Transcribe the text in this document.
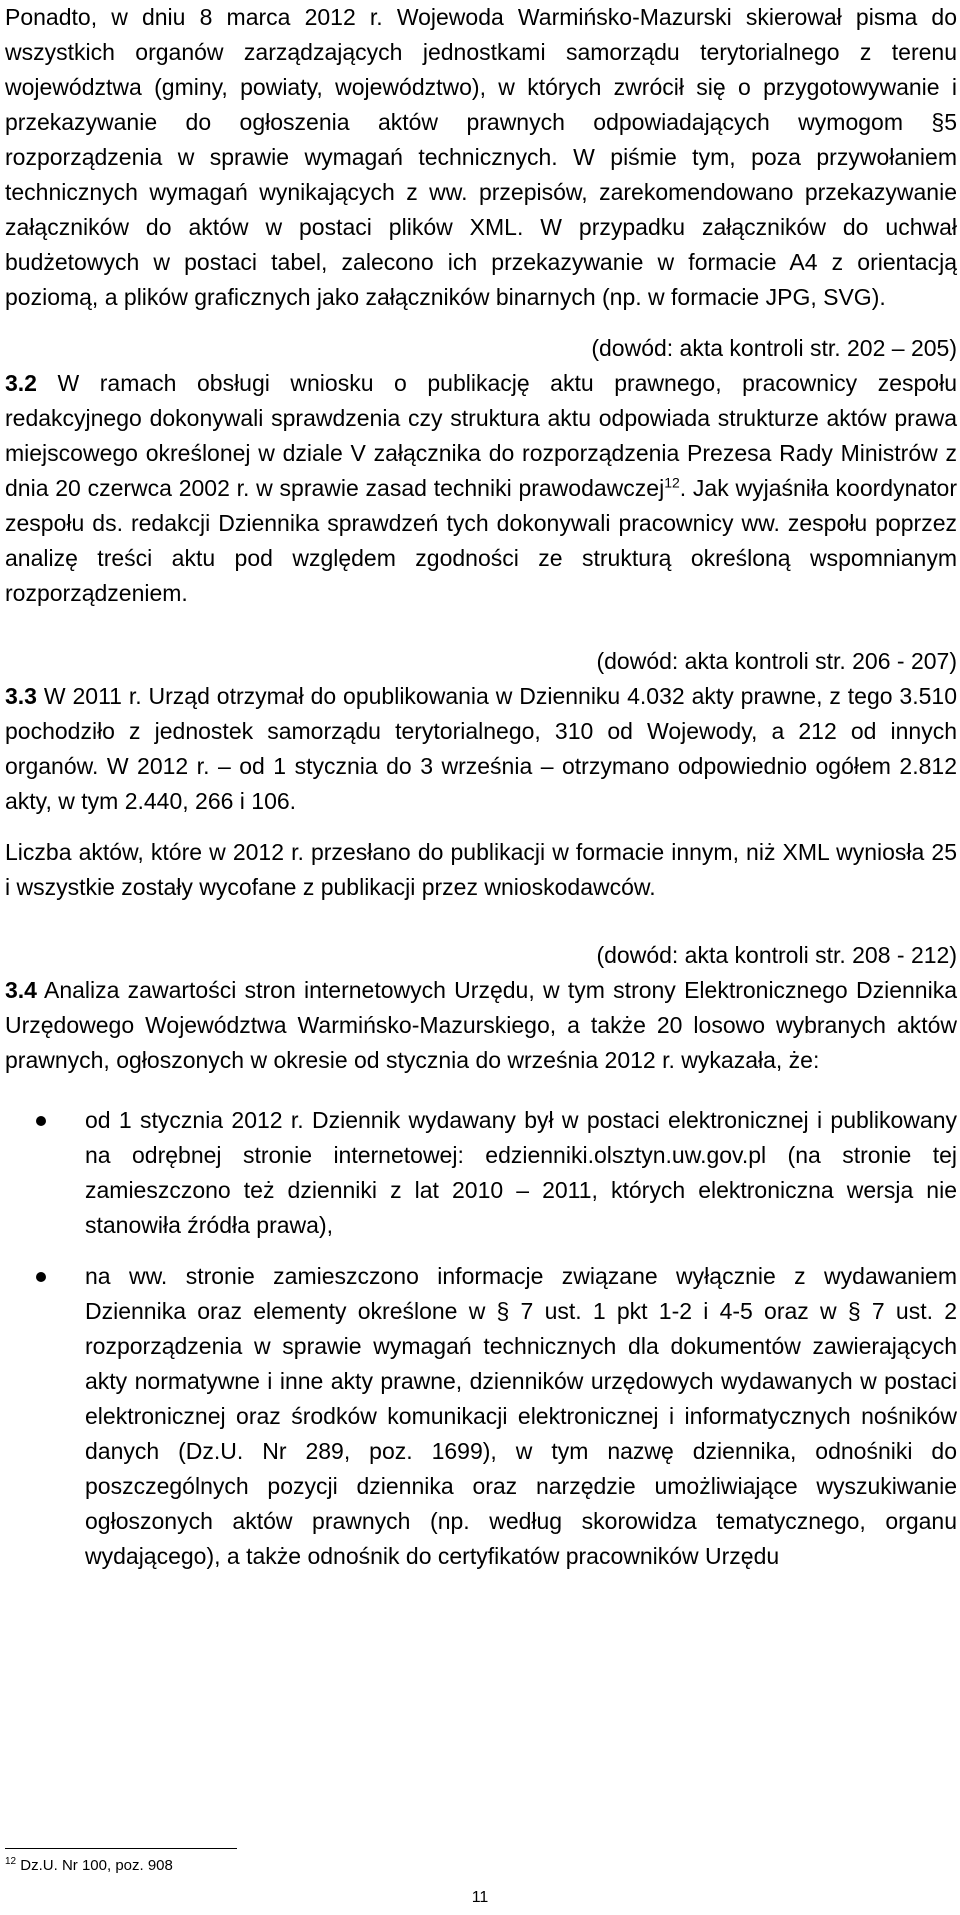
Ponadto, w dniu 8 marca 2012 r. Wojewoda Warmińsko-Mazurski skierował pisma do wszystkich organów zarządzających jednostkami samorządu terytorialnego z terenu województwa (gminy, powiaty, województwo), w których zwrócił się o przygotowywanie i przekazywanie do ogłoszenia aktów prawnych odpowiadających wymogom §5 rozporządzenia w sprawie wymagań technicznych. W piśmie tym, poza przywołaniem technicznych wymagań wynikających z ww. przepisów, zarekomendowano przekazywanie załączników do aktów w postaci plików XML. W przypadku załączników do uchwał budżetowych w postaci tabel, zalecono ich przekazywanie w formacie A4 z orientacją poziomą, a plików graficznych jako załączników binarnych (np. w formacie JPG, SVG).

(dowód: akta kontroli str. 202 – 205)

3.2 W ramach obsługi wniosku o publikację aktu prawnego, pracownicy zespołu redakcyjnego dokonywali sprawdzenia czy struktura aktu odpowiada strukturze aktów prawa miejscowego określonej w dziale V załącznika do rozporządzenia Prezesa Rady Ministrów z dnia 20 czerwca 2002 r. w sprawie zasad techniki prawodawczej$^{12}$. Jak wyjaśniła koordynator zespołu ds. redakcji Dziennika sprawdzeń tych dokonywali pracownicy ww. zespołu poprzez analizę treści aktu pod względem zgodności ze strukturą określoną wspomnianym rozporządzeniem.

(dowód: akta kontroli str. 206 - 207)

3.3 W 2011 r. Urząd otrzymał do opublikowania w Dzienniku 4.032 akty prawne, z tego 3.510 pochodziło z jednostek samorządu terytorialnego, 310 od Wojewody, a 212 od innych organów. W 2012 r. – od 1 stycznia do 3 września – otrzymano odpowiednio ogółem 2.812 akty, w tym 2.440, 266 i 106.

Liczba aktów, które w 2012 r. przesłano do publikacji w formacie innym, niż XML wyniosła 25 i wszystkie zostały wycofane z publikacji przez wnioskodawców.

(dowód: akta kontroli str. 208 - 212)

3.4 Analiza zawartości stron internetowych Urzędu, w tym strony Elektronicznego Dziennika Urzędowego Województwa Warmińsko-Mazurskiego, a także 20 losowo wybranych aktów prawnych, ogłoszonych w okresie od stycznia do września 2012 r. wykazała, że:

od 1 stycznia 2012 r. Dziennik wydawany był w postaci elektronicznej i publikowany na odrębnej stronie internetowej: edzienniki.olsztyn.uw.gov.pl (na stronie tej zamieszczono też dzienniki z lat 2010 – 2011, których elektroniczna wersja nie stanowiła źródła prawa),
na ww. stronie zamieszczono informacje związane wyłącznie z wydawaniem Dziennika oraz elementy określone w § 7 ust. 1 pkt 1-2 i 4-5 oraz w § 7 ust. 2 rozporządzenia w sprawie wymagań technicznych dla dokumentów zawierających akty normatywne i inne akty prawne, dzienników urzędowych wydawanych w postaci elektronicznej oraz środków komunikacji elektronicznej i informatycznych nośników danych (Dz.U. Nr 289, poz. 1699), w tym nazwę dziennika, odnośniki do poszczególnych pozycji dziennika oraz narzędzie umożliwiające wyszukiwanie ogłoszonych aktów prawnych (np. według skorowidza tematycznego, organu wydającego), a także odnośnik do certyfikatów pracowników Urzędu
$^{12}$ Dz.U. Nr 100, poz. 908
11
